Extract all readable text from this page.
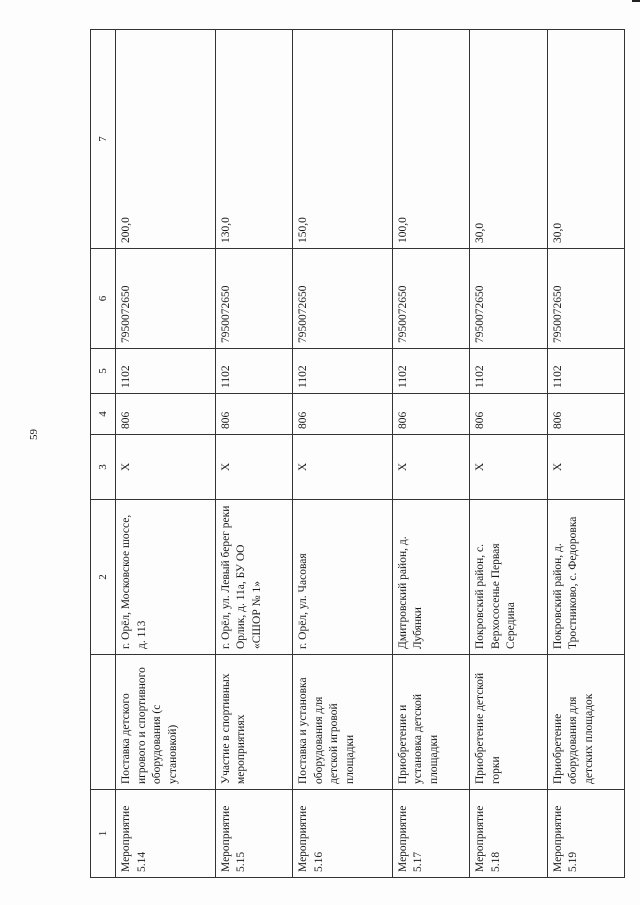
59
1		2	3	4	5	6	7
Мероприятие 5.14	Поставка детского игрового и спортивного оборудования (с установкой)	г. Орёл, Московское шоссе, д. 113	X	806	1102	7950072650	200,0
Мероприятие 5.15	Участие в спортивных мероприятиях	г. Орёл, ул. Левый берег реки Орлик, д. 11а, БУ ОО «СШОР № 1»	X	806	1102	7950072650	130,0
Мероприятие 5.16	Поставка и установка оборудования для детской игровой площадки	г. Орёл, ул. Часовая	X	806	1102	7950072650	150,0
Мероприятие 5.17	Приобретение и установка детской площадки	Дмитровский район, д. Лубянки	X	806	1102	7950072650	100,0
Мероприятие 5.18	Приобретение детской горки	Покровский район, с. Верхососенье Первая Середина	X	806	1102	7950072650	30,0
Мероприятие 5.19	Приобретение оборудования для детских площадок	Покровский район, д. Тростниково, с. Федоровка	X	806	1102	7950072650	30,0
